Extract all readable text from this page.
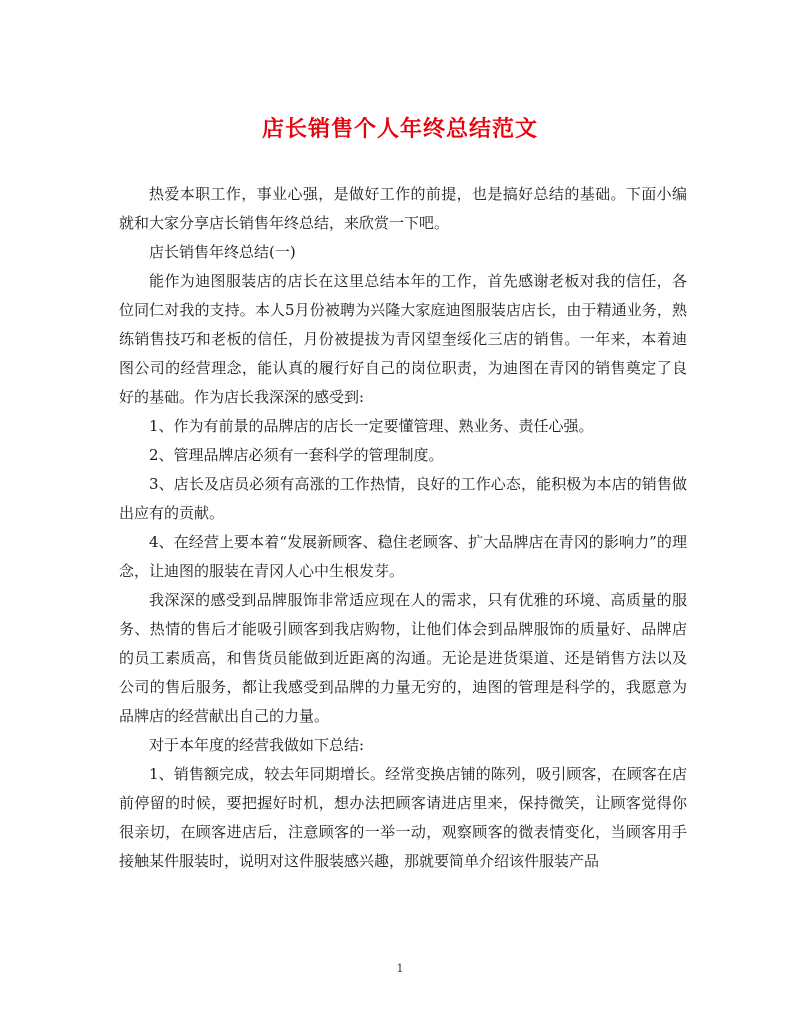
店长销售个人年终总结范文

热爱本职工作，事业心强，是做好工作的前提，也是搞好总结的基础。下面小编就和大家分享店长销售年终总结，来欣赏一下吧。

店长销售年终总结(一)

能作为迪图服装店的店长在这里总结本年的工作，首先感谢老板对我的信任，各位同仁对我的支持。本人5月份被聘为兴隆大家庭迪图服装店店长，由于精通业务，熟练销售技巧和老板的信任，月份被提拔为青冈望奎绥化三店的销售。一年来，本着迪图公司的经营理念，能认真的履行好自己的岗位职责，为迪图在青冈的销售奠定了良好的基础。作为店长我深深的感受到:

1、作为有前景的品牌店的店长一定要懂管理、熟业务、责任心强。

2、管理品牌店必须有一套科学的管理制度。

3、店长及店员必须有高涨的工作热情，良好的工作心态，能积极为本店的销售做出应有的贡献。

4、在经营上要本着“发展新顾客、稳住老顾客、扩大品牌店在青冈的影响力”的理念，让迪图的服装在青冈人心中生根发芽。

我深深的感受到品牌服饰非常适应现在人的需求，只有优雅的环境、高质量的服务、热情的售后才能吸引顾客到我店购物，让他们体会到品牌服饰的质量好、品牌店的员工素质高，和售货员能做到近距离的沟通。无论是进货渠道、还是销售方法以及公司的售后服务，都让我感受到品牌的力量无穷的，迪图的管理是科学的，我愿意为品牌店的经营献出自己的力量。

对于本年度的经营我做如下总结:

1、销售额完成，较去年同期增长。经常变换店铺的陈列，吸引顾客，在顾客在店前停留的时候，要把握好时机，想办法把顾客请进店里来，保持微笑，让顾客觉得你很亲切，在顾客进店后，注意顾客的一举一动，观察顾客的微表情变化，当顾客用手接触某件服装时，说明对这件服装感兴趣，那就要简单介绍该件服装产品

1
